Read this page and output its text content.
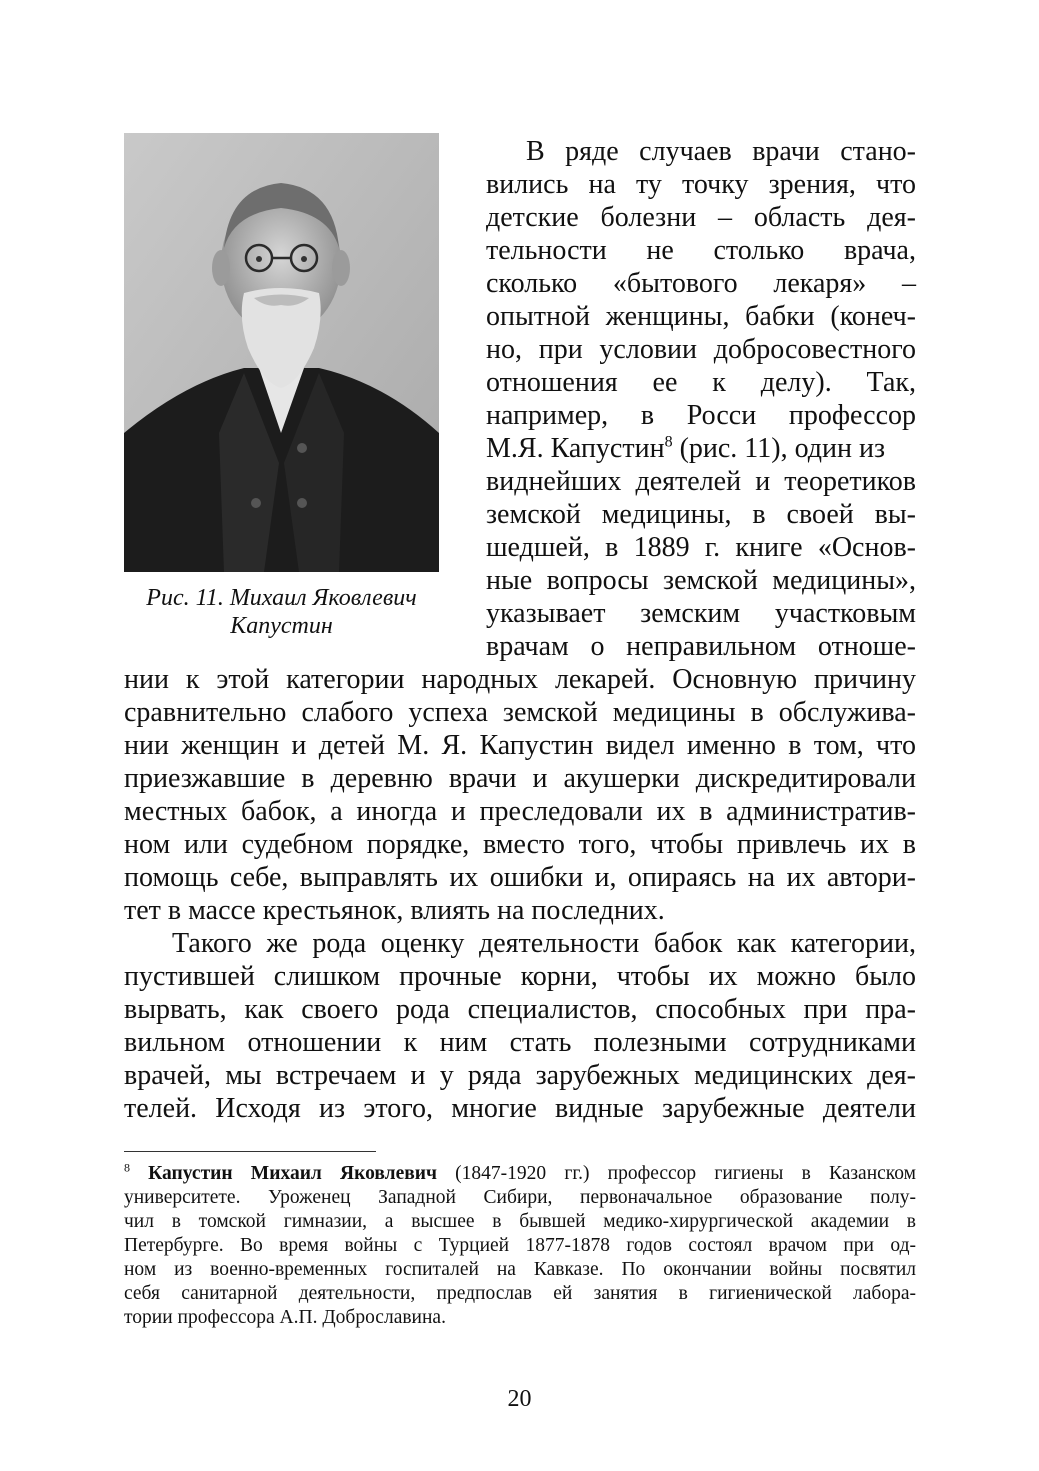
Рис. 11. Михаил Яковлевич
Капустин
В ряде случаев врачи стано-
вились на ту точку зрения, что
детские болезни – область дея-
тельности не столько врача,
сколько «бытового лекаря» –
опытной женщины, бабки (конеч-
но, при условии добросовестного
отношения ее к делу). Так,
например, в Росси профессор
М.Я. Капустин$^8$ (рис. 11), один из
виднейших деятелей и теоретиков
земской медицины, в своей вы-
шедшей, в 1889 г. книге «Основ-
ные вопросы земской медицины»,
указывает земским участковым
врачам о неправильном отноше-
нии к этой категории народных лекарей. Основную причину
сравнительно слабого успеха земской медицины в обслужива-
нии женщин и детей М. Я. Капустин видел именно в том, что
приезжавшие в деревню врачи и акушерки дискредитировали
местных бабок, а иногда и преследовали их в административ-
ном или судебном порядке, вместо того, чтобы привлечь их в
помощь себе, выправлять их ошибки и, опираясь на их автори-
тет в массе крестьянок, влиять на последних.
Такого же рода оценку деятельности бабок как категории,
пустившей слишком прочные корни, чтобы их можно было
вырвать, как своего рода специалистов, способных при пра-
вильном отношении к ним стать полезными сотрудниками
врачей, мы встречаем и у ряда зарубежных медицинских дея-
телей. Исходя из этого, многие видные зарубежные деятели
$^8$ Капустин Михаил Яковлевич (1847-1920 гг.) профессор гигиены в Казанском
университете. Уроженец Западной Сибири, первоначальное образование полу-
чил в томской гимназии, а высшее в бывшей медико-хирургической академии в
Петербурге. Во время войны с Турцией 1877-1878 годов состоял врачом при од-
ном из военно-временных госпиталей на Кавказе. По окончании войны посвятил
себя санитарной деятельности, предпослав ей занятия в гигиенической лабора-
тории профессора А.П. Доброславина.
20
